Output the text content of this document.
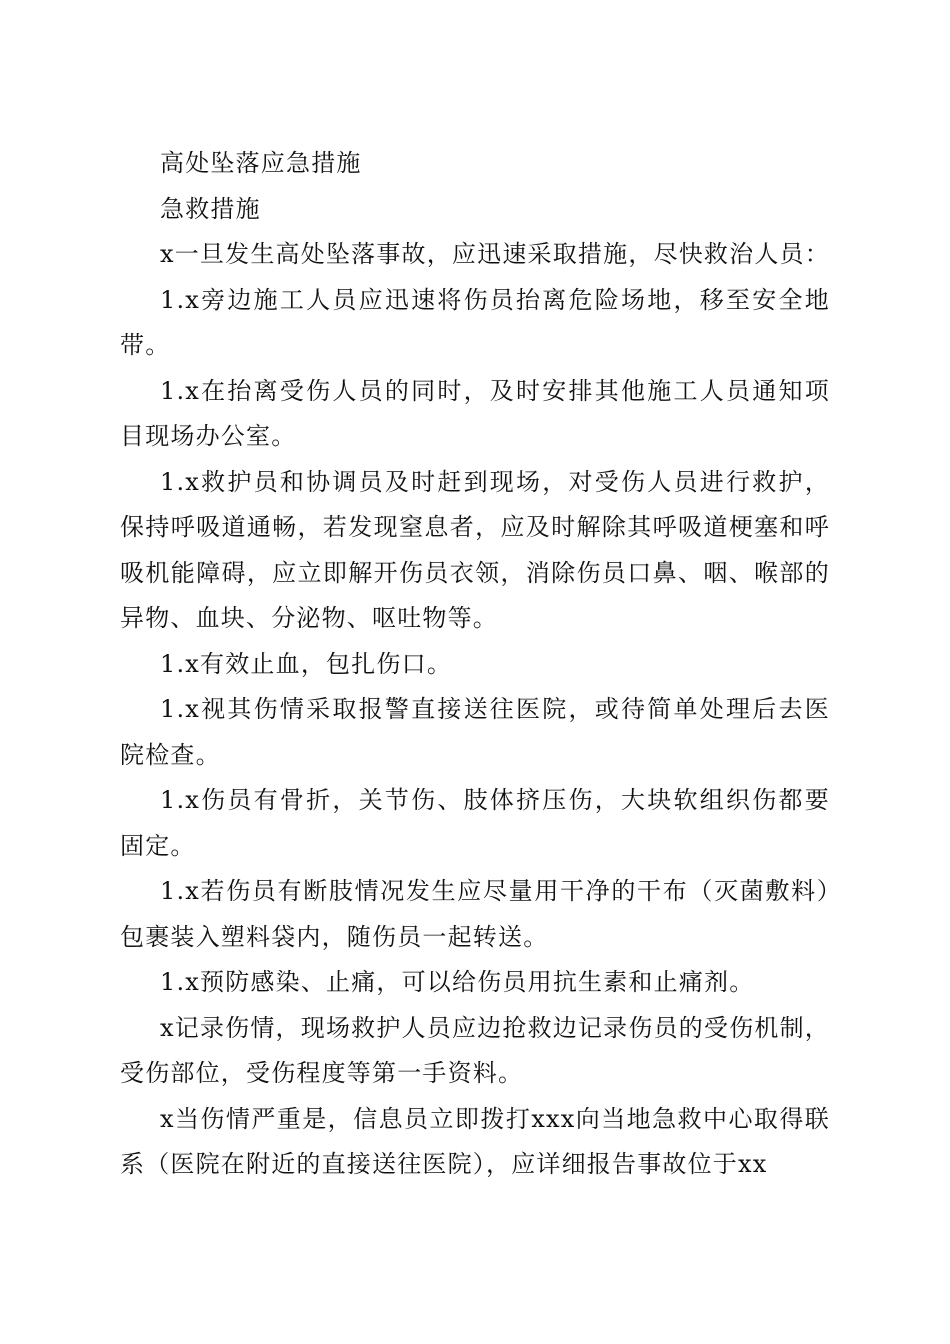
高处坠落应急措施

急救措施

x一旦发生高处坠落事故，应迅速采取措施，尽快救治人员：

1.x旁边施工人员应迅速将伤员抬离危险场地，移至安全地带。

1.x在抬离受伤人员的同时，及时安排其他施工人员通知项目现场办公室。

1.x救护员和协调员及时赶到现场，对受伤人员进行救护，保持呼吸道通畅，若发现窒息者，应及时解除其呼吸道梗塞和呼吸机能障碍，应立即解开伤员衣领，消除伤员口鼻、咽、喉部的异物、血块、分泌物、呕吐物等。

1.x有效止血，包扎伤口。

1.x视其伤情采取报警直接送往医院，或待简单处理后去医院检查。

1.x伤员有骨折，关节伤、肢体挤压伤，大块软组织伤都要固定。

1.x若伤员有断肢情况发生应尽量用干净的干布（灭菌敷料）包裹装入塑料袋内，随伤员一起转送。

1.x预防感染、止痛，可以给伤员用抗生素和止痛剂。

x记录伤情，现场救护人员应边抢救边记录伤员的受伤机制，受伤部位，受伤程度等第一手资料。

x当伤情严重是，信息员立即拨打xxx向当地急救中心取得联系（医院在附近的直接送往医院），应详细报告事故位于xx
